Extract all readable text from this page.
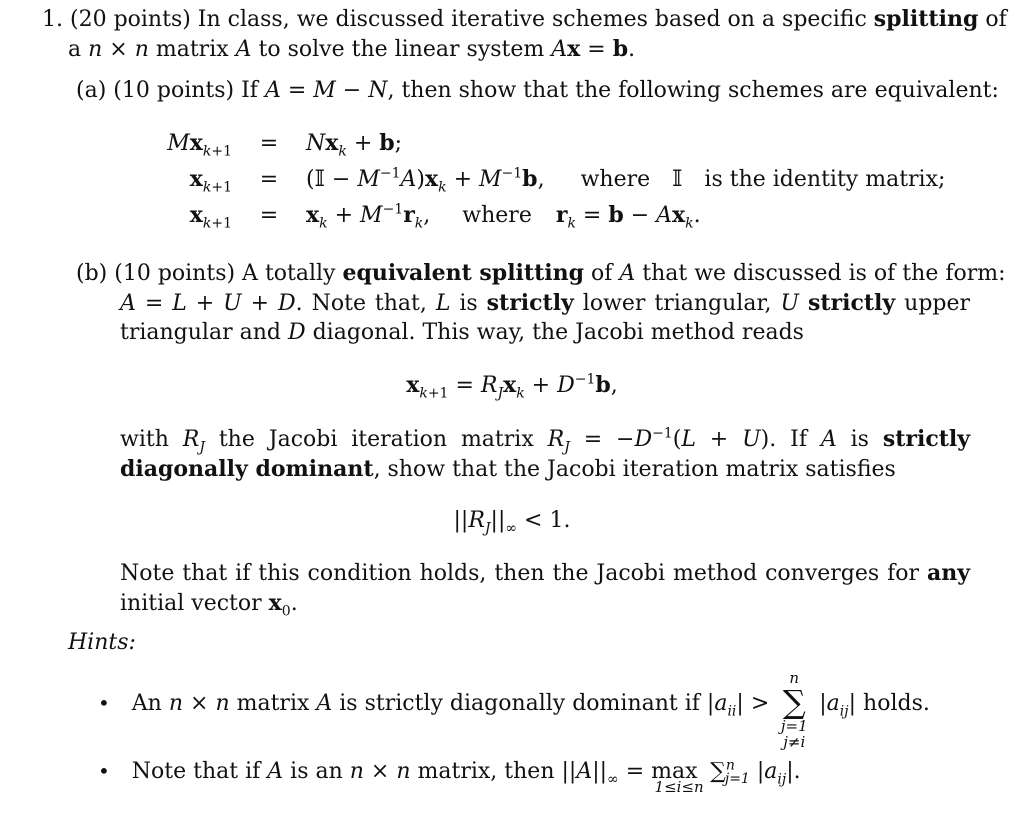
1. (20 points) In class, we discussed iterative schemes based on a specific splitting of
a n × n matrix A to solve the linear system Ax = b.
(a) (10 points) If A = M − N, then show that the following schemes are equivalent:
$Mx_{k+1} = Nx_k + b$;
$x_{k+1}$ = (𝕀 − $M^{-1}A)x_k + M^{-1}b$, where 𝕀 is the identity matrix;
$x_{k+1} = x_k + M^{-1}r_k$, where $r_k = b - Ax_k$.
(b) (10 points) A totally equivalent splitting of A that we discussed is of the form:
A = L + U + D. Note that, L is strictly lower triangular, U strictly upper
triangular and D diagonal. This way, the Jacobi method reads
$x_{k+1} = R_Jx_k + D^{-1}b$,
with $R_J$ the Jacobi iteration matrix $R_J = -D^{-1}(L + U)$. If A is strictly
diagonally dominant, show that the Jacobi iteration matrix satisfies
$||R_J||_\infty < 1$.
Note that if this condition holds, then the Jacobi method converges for any
initial vector $x_0$.
Hints:
•  An n × n matrix A is strictly diagonally dominant if $|a_{ii}|$ >
n
∑
j=1
j≠i
$|a_{ij}|$ holds.
•  Note that if A is an n × n matrix, then $||A||_\infty = \max$
1≤i≤n
∑$^n_{j=1}$ $|a_{ij}|$.
